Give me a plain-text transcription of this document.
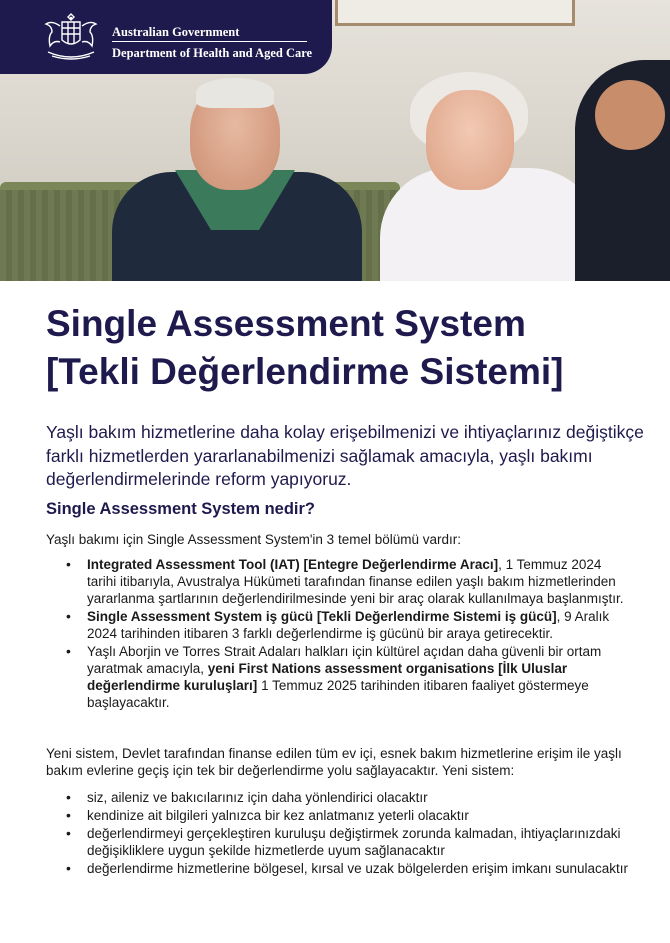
Australian Government
Department of Health and Aged Care
Single Assessment System
[Tekli Değerlendirme Sistemi]

Yaşlı bakım hizmetlerine daha kolay erişebilmenizi ve ihtiyaçlarınız değiştikçe farklı hizmetlerden yararlanabilmenizi sağlamak amacıyla, yaşlı bakımı değerlendirmelerinde reform yapıyoruz.

Single Assessment System nedir?

Yaşlı bakımı için Single Assessment System'in 3 temel bölümü vardır:

• Integrated Assessment Tool (IAT) [Entegre Değerlendirme Aracı], 1 Temmuz 2024 tarihi itibarıyla, Avustralya Hükümeti tarafından finanse edilen yaşlı bakım hizmetlerinden yararlanma şartlarının değerlendirilmesinde yeni bir araç olarak kullanılmaya başlanmıştır.
• Single Assessment System iş gücü [Tekli Değerlendirme Sistemi iş gücü], 9 Aralık 2024 tarihinden itibaren 3 farklı değerlendirme iş gücünü bir araya getirecektir.
• Yaşlı Aborjin ve Torres Strait Adaları halkları için kültürel açıdan daha güvenli bir ortam yaratmak amacıyla, yeni First Nations assessment organisations [İlk Uluslar değerlendirme kuruluşları] 1 Temmuz 2025 tarihinden itibaren faaliyet göstermeye başlayacaktır.

Yeni sistem, Devlet tarafından finanse edilen tüm ev içi, esnek bakım hizmetlerine erişim ile yaşlı bakım evlerine geçiş için tek bir değerlendirme yolu sağlayacaktır. Yeni sistem:

• siz, aileniz ve bakıcılarınız için daha yönlendirici olacaktır
• kendinize ait bilgileri yalnızca bir kez anlatmanız yeterli olacaktır
• değerlendirmeyi gerçekleştiren kuruluşu değiştirmek zorunda kalmadan, ihtiyaçlarınızdaki değişikliklere uygun şekilde hizmetlerde uyum sağlanacaktır
• değerlendirme hizmetlerine bölgesel, kırsal ve uzak bölgelerden erişim imkanı sunulacaktır
